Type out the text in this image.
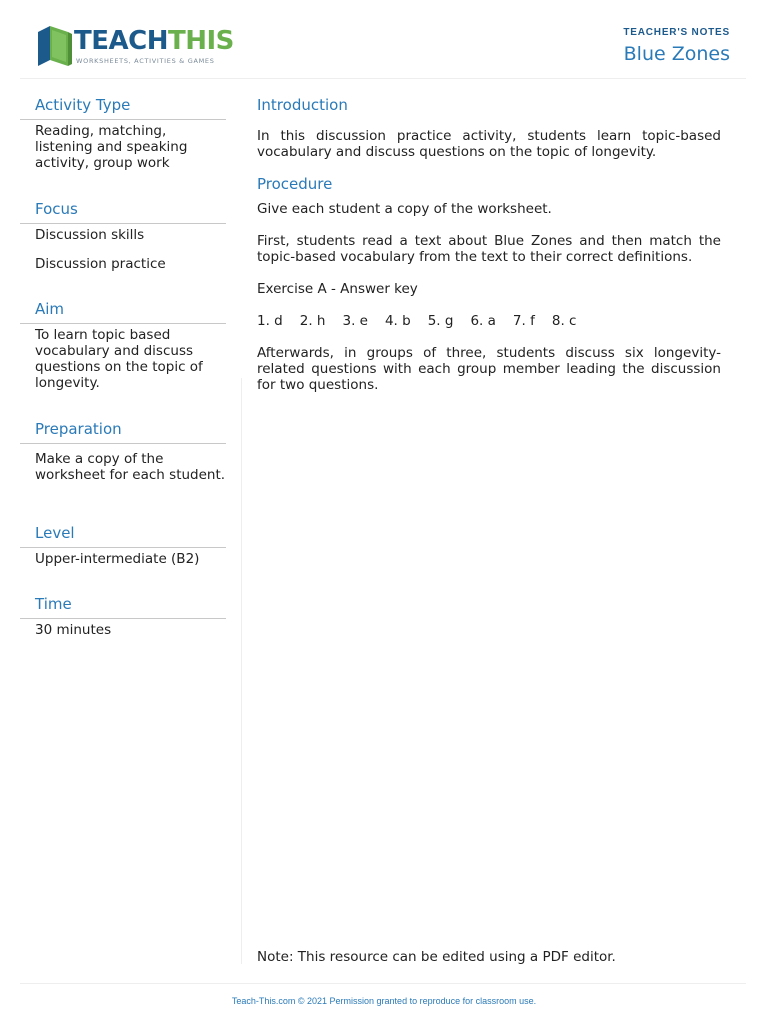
TEACHTHIS
WORKSHEETS, ACTIVITIES & GAMES
TEACHER'S NOTES
Blue Zones
Activity Type

Reading, matching, listening and speaking activity, group work

Focus

Discussion skills

Discussion practice

Aim

To learn topic based vocabulary and discuss questions on the topic of longevity.

Preparation

Make a copy of the worksheet for each student.

Level

Upper-intermediate (B2)

Time

30 minutes

Introduction

In this discussion practice activity, students learn topic-based vocabulary and discuss questions on the topic of longevity.

Procedure

Give each student a copy of the worksheet.

First, students read a text about Blue Zones and then match the topic-based vocabulary from the text to their correct definitions.

Exercise A - Answer key

1. d 2. h 3. e 4. b 5. g 6. a 7. f 8. c

Afterwards, in groups of three, students discuss six longevity-related questions with each group member leading the discussion for two questions.

Note: This resource can be edited using a PDF editor.
Teach-This.com © 2021 Permission granted to reproduce for classroom use.
